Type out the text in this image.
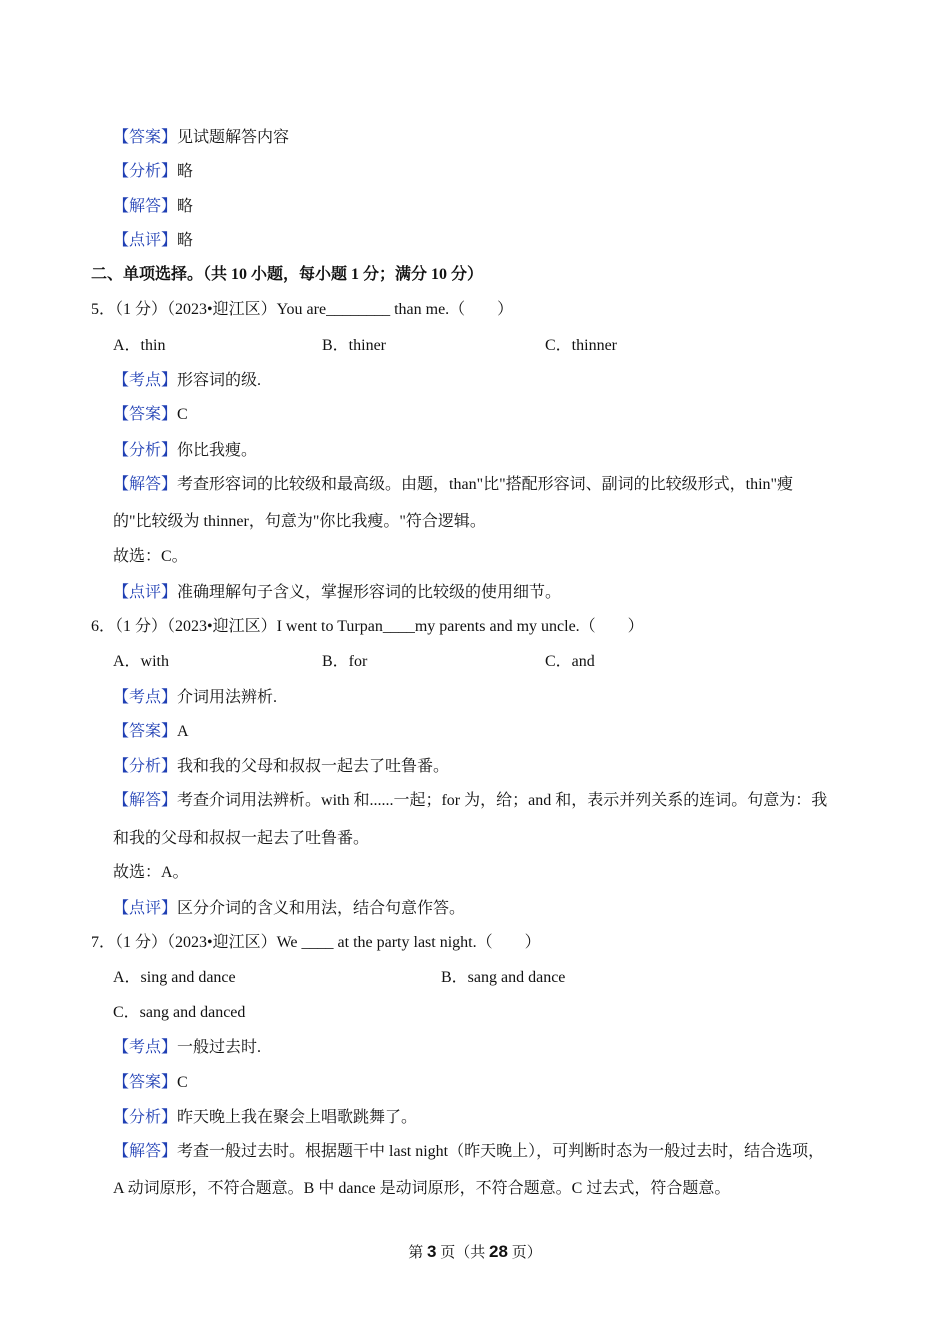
【答案】见试题解答内容
【分析】略
【解答】略
【点评】略
二、单项选择。（共 10 小题，每小题 1 分；满分 10 分）
5．（1 分）（2023•迎江区）You are________ than me.（　　）
A．thin	B．thiner	C．thinner
【考点】形容词的级.
【答案】C
【分析】你比我瘦。
【解答】考查形容词的比较级和最高级。由题，than"比"搭配形容词、副词的比较级形式，thin"瘦
的"比较级为 thinner，句意为"你比我瘦。"符合逻辑。
故选：C。
【点评】准确理解句子含义，掌握形容词的比较级的使用细节。
6．（1 分）（2023•迎江区）I went to Turpan____my parents and my uncle.（　　）
A．with	B．for	C．and
【考点】介词用法辨析.
【答案】A
【分析】我和我的父母和叔叔一起去了吐鲁番。
【解答】考查介词用法辨析。with 和......一起；for 为，给；and 和，表示并列关系的连词。句意为：我
和我的父母和叔叔一起去了吐鲁番。
故选：A。
【点评】区分介词的含义和用法，结合句意作答。
7．（1 分）（2023•迎江区）We ____ at the party last night.（　　）
A．sing and dance	B．sang and dance
C．sang and danced
【考点】一般过去时.
【答案】C
【分析】昨天晚上我在聚会上唱歌跳舞了。
【解答】考查一般过去时。根据题干中 last night（昨天晚上），可判断时态为一般过去时，结合选项，
A 动词原形，不符合题意。B 中 dance 是动词原形，不符合题意。C 过去式，符合题意。
第 3 页（共 28 页）
